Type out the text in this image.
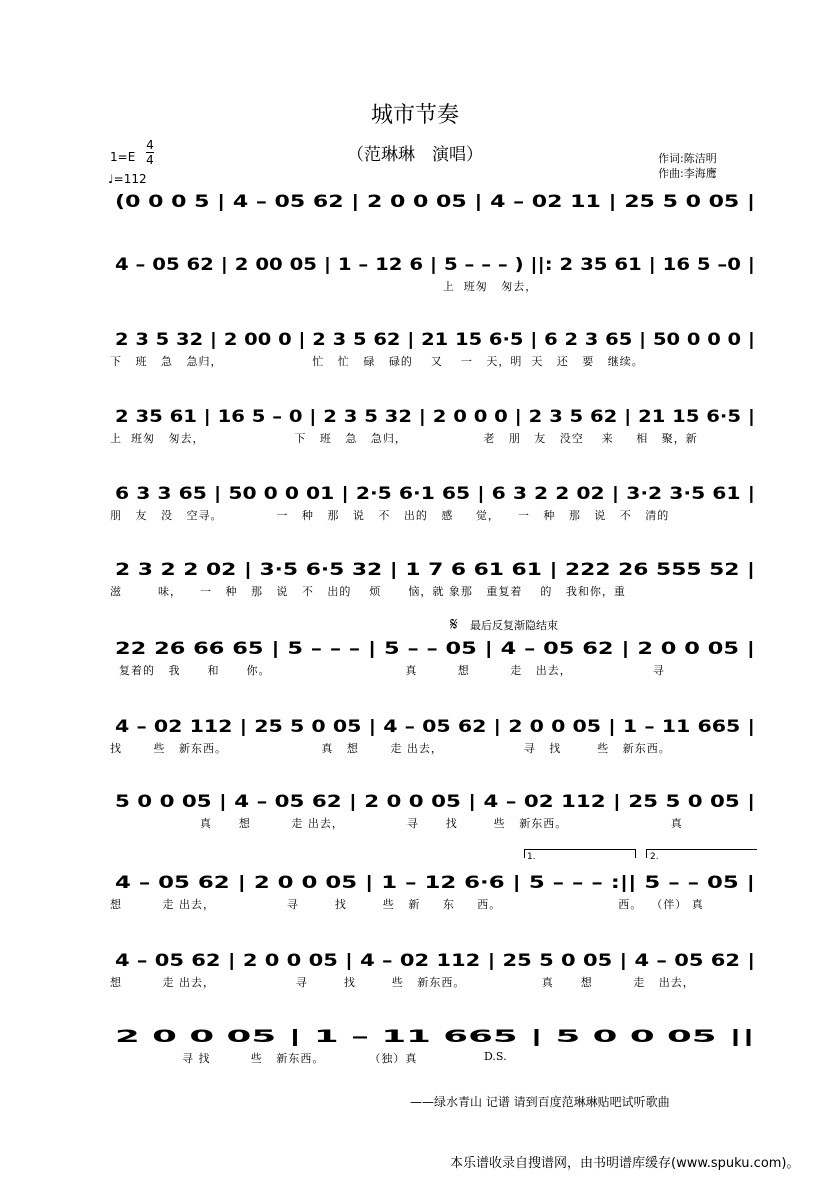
城市节奏
（范琳琳　演唱）
1=E
4
4
♩=112
作词:陈洁明
作曲:李海鹰
(0 0 0 5 | 4 – 05 62 | 2 0 0 05 | 4 – 02 11 | 25 5 0 05 |
4 – 05 62 | 2 00 05 | 1 – 12 6 | 5 – – – ) ||: 2 35 61 | 16 5 –0 |
上  班匆   匆去，
2 3 5 32 | 2 00 0 | 2 3 5 62 | 21 15 6·5 | 6 2 3 65 | 50 0 0 0 |
下   班   急   急归，                    忙   忙   碌   碌的    又    一   天，明  天   还   要   继续。
2 35 61 | 16 5 – 0 | 2 3 5 32 | 2 0 0 0 | 2 3 5 62 | 21 15 6·5 |
上  班匆   匆去，                    下   班   急   急归，                 老   朋   友   没空    来     相   聚，新
6 3 3 65 | 50 0 0 01 | 2·5 6·1 65 | 6 3 2 2 02 | 3·2 3·5 61 |
朋   友   没   空寻。            一   种   那   说   不   出的   感     觉，    一   种   那   说   不   清的
2 3 2 2 02 | 3·5 6·5 32 | 1 7 6 61 61 | 222 26 555 52 |
滋        味，    一   种   那   说   不   出的    烦      恼，就 象那   重复着    的   我和你，重
22 26 66 65 | 5 – – – | 5 – – 05 | 4 – 05 62 | 2 0 0 05 |
复着的   我      和      你。                              真         想         走   出去，                  寻
4 – 02 112 | 25 5 0 05 | 4 – 05 62 | 2 0 0 05 | 1 – 11 665 |
找       些   新东西。                     真   想       走 出去，                  寻   找        些   新东西。
5 0 0 05 | 4 – 05 62 | 2 0 0 05 | 4 – 02 112 | 25 5 0 05 |
真      想         走 出去，              寻      找        些   新东西。                       真
4 – 05 62 | 2 0 0 05 | 1 – 12 6·6 | 5 – – – :|| 5 – – 05 |
想         走 出去，                寻        找        些   新     东     西。                          西。  （伴） 真
4 – 05 62 | 2 0 0 05 | 4 – 02 112 | 25 5 0 05 | 4 – 05 62 |
想         走 出去，                  寻        找        些   新东西。                 真      想         走   出去，
2 0 0 05 | 1 – 11 665 | 5 0 0 05 ||
寻 找         些   新东西。          （独）真
𝄋 最后反复渐隐结束
1.	2.
D.S.
——绿水青山 记谱 请到百度范琳琳贴吧试听歌曲
本乐谱收录自搜谱网，由书明谱库缓存(www.spuku.com)。
